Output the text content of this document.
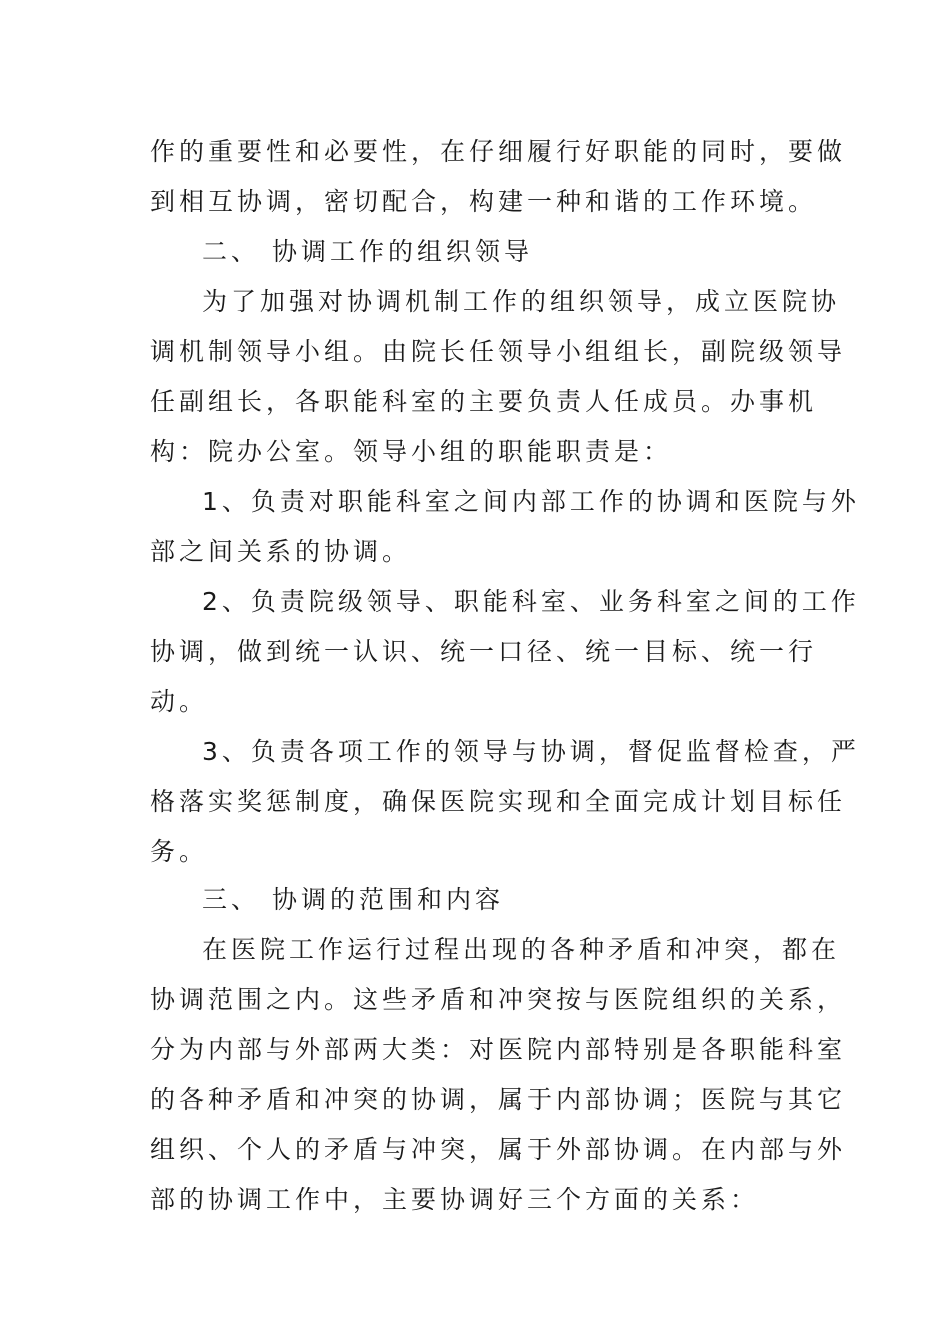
作的重要性和必要性，在仔细履行好职能的同时，要做
到相互协调，密切配合，构建一种和谐的工作环境。
二、 协调工作的组织领导
为了加强对协调机制工作的组织领导，成立医院协
调机制领导小组。由院长任领导小组组长，副院级领导
任副组长，各职能科室的主要负责人任成员。办事机
构：院办公室。领导小组的职能职责是：
1、负责对职能科室之间内部工作的协调和医院与外
部之间关系的协调。
2、负责院级领导、职能科室、业务科室之间的工作
协调，做到统一认识、统一口径、统一目标、统一行
动。
3、负责各项工作的领导与协调，督促监督检查，严
格落实奖惩制度，确保医院实现和全面完成计划目标任
务。
三、 协调的范围和内容
在医院工作运行过程出现的各种矛盾和冲突，都在
协调范围之内。这些矛盾和冲突按与医院组织的关系，
分为内部与外部两大类：对医院内部特别是各职能科室
的各种矛盾和冲突的协调，属于内部协调；医院与其它
组织、个人的矛盾与冲突，属于外部协调。在内部与外
部的协调工作中，主要协调好三个方面的关系：
